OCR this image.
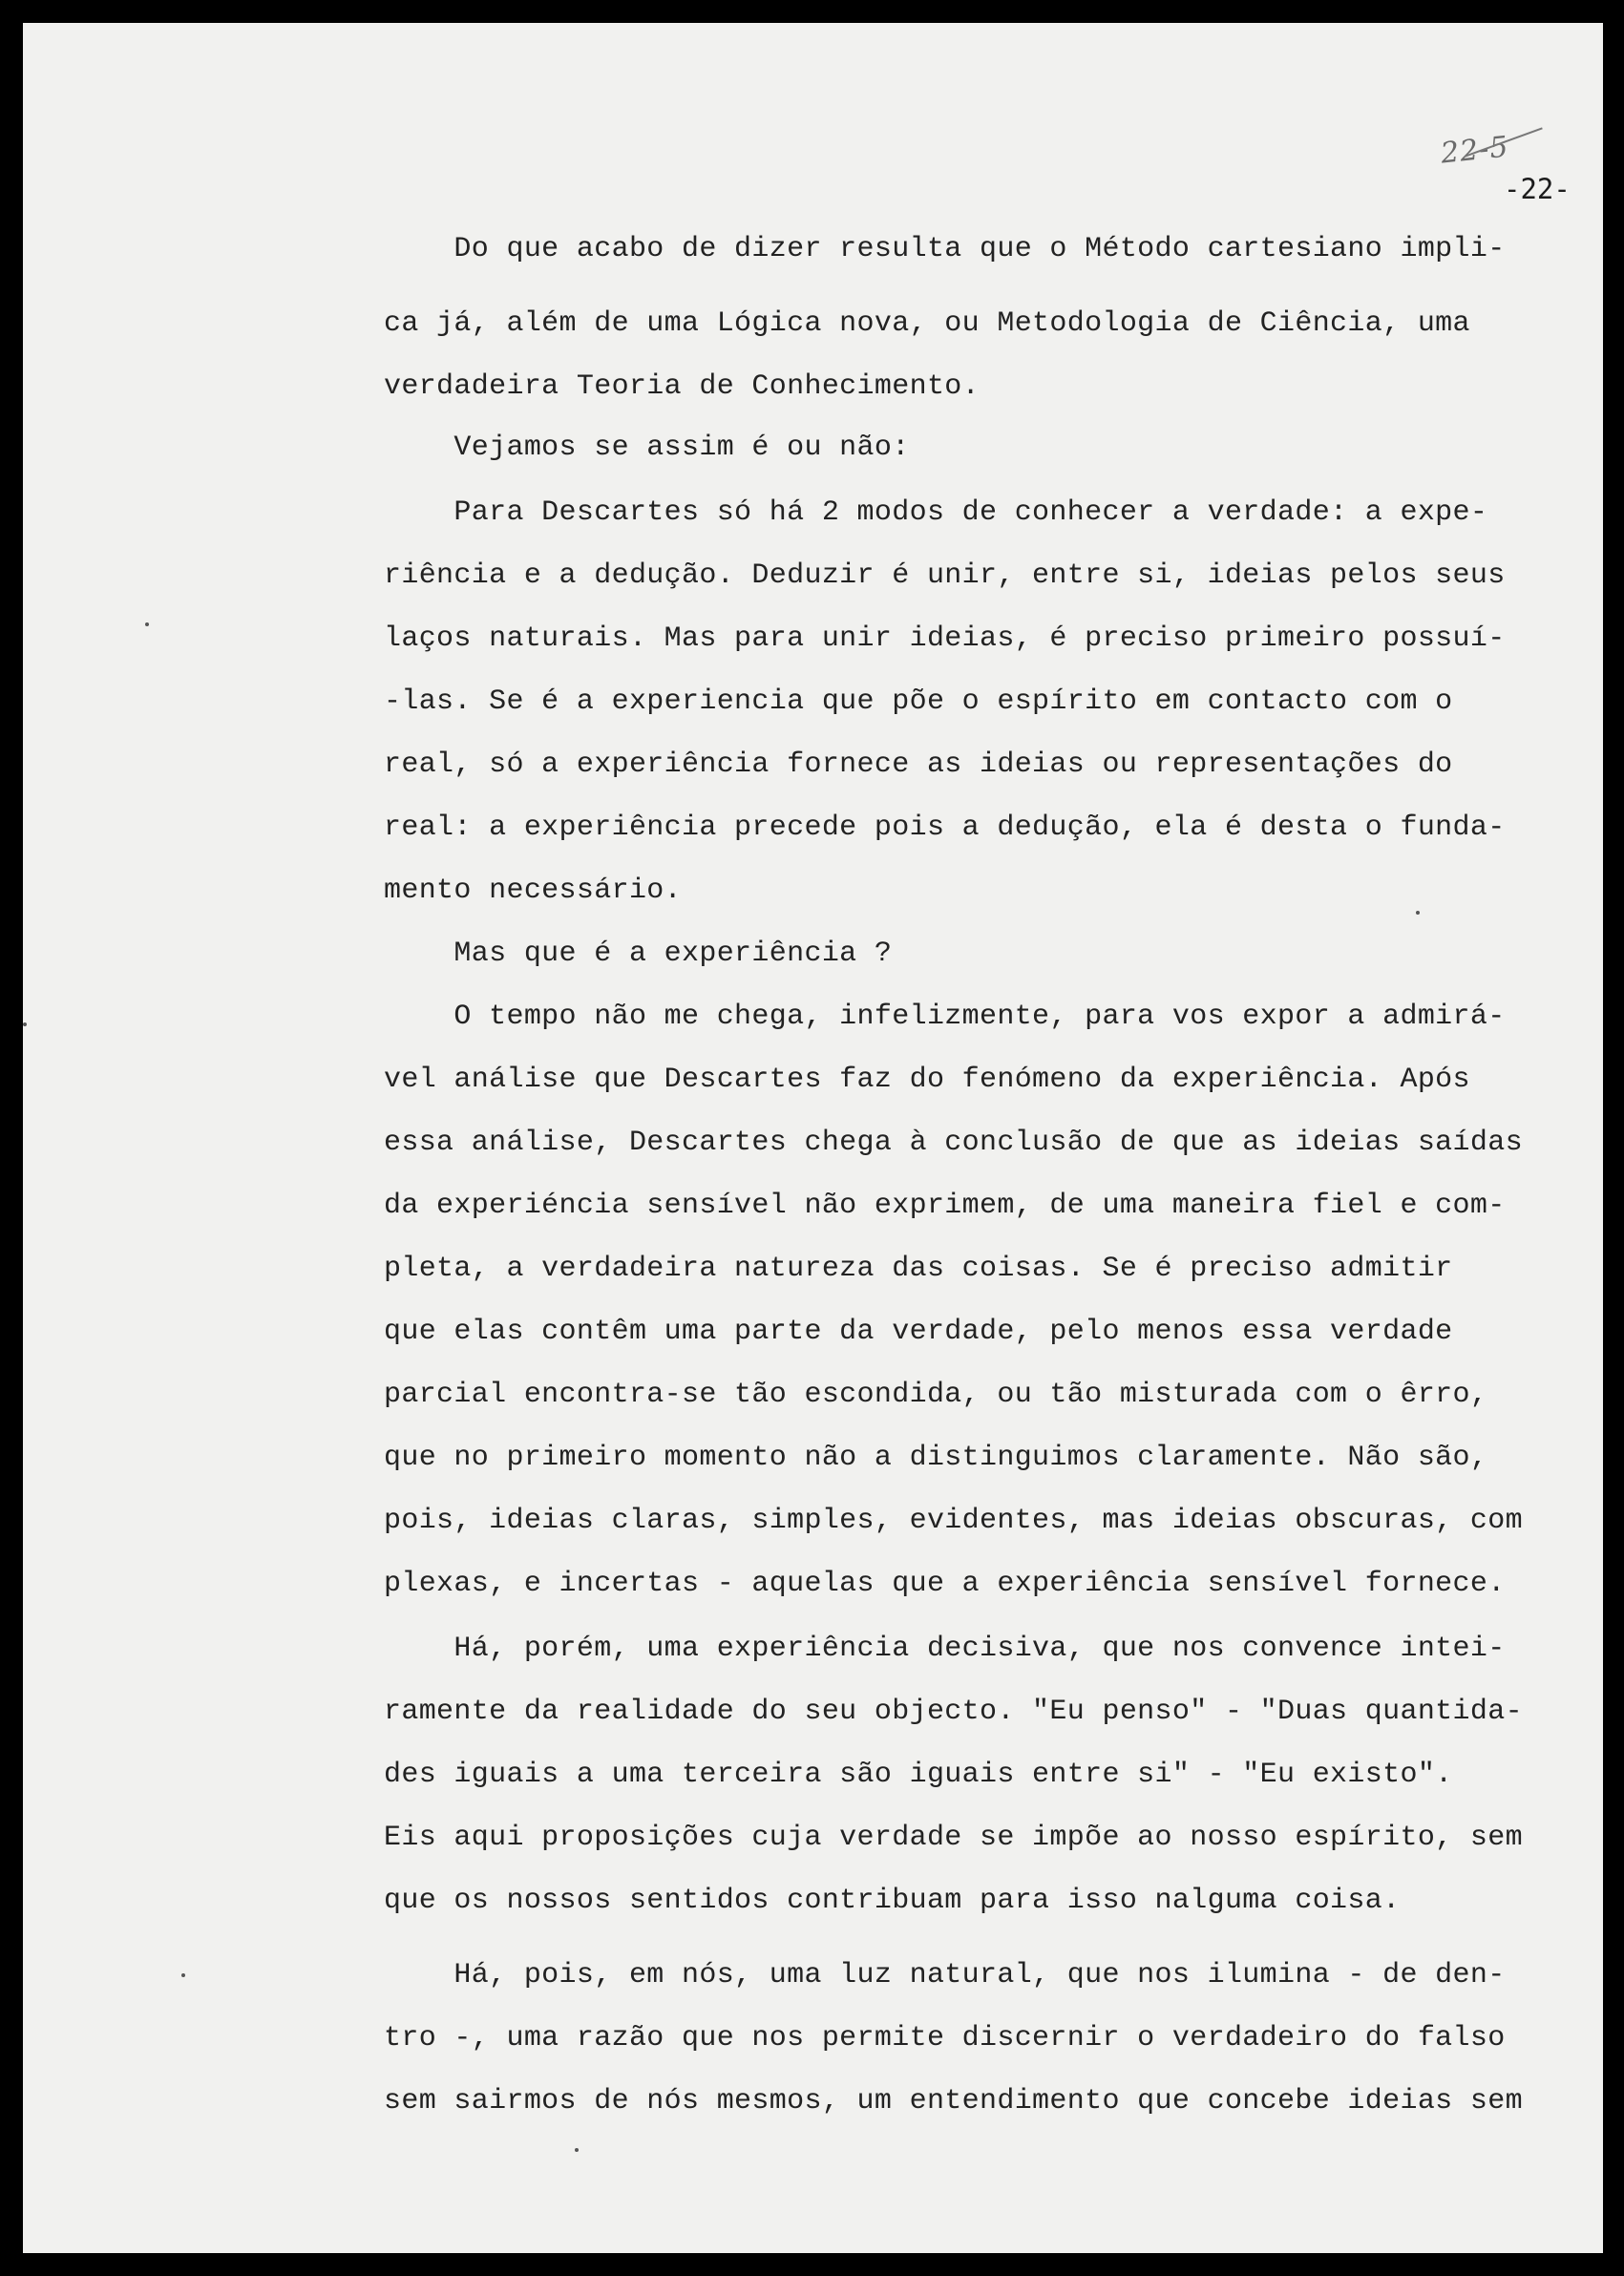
22-5
-22-
Do que acabo de dizer resulta que o Método cartesiano impli-
ca já, além de uma Lógica nova, ou Metodologia de Ciência, uma
verdadeira Teoria de Conhecimento.
Vejamos se assim é ou não:
Para Descartes só há 2 modos de conhecer a verdade: a expe-
riência e a dedução. Deduzir é unir, entre si, ideias pelos seus
laços naturais. Mas para unir ideias, é preciso primeiro possuí-
-las. Se é a experiencia que põe o espírito em contacto com o
real, só a experiência fornece as ideias ou representações do
real: a experiência precede pois a dedução, ela é desta o funda-
mento necessário.
Mas que é a experiência ?
O tempo não me chega, infelizmente, para vos expor a admirá-
vel análise que Descartes faz do fenómeno da experiência. Após
essa análise, Descartes chega à conclusão de que as ideias saídas
da experiéncia sensível não exprimem, de uma maneira fiel e com-
pleta, a verdadeira natureza das coisas. Se é preciso admitir
que elas contêm uma parte da verdade, pelo menos essa verdade
parcial encontra-se tão escondida, ou tão misturada com o êrro,
que no primeiro momento não a distinguimos claramente. Não são,
pois, ideias claras, simples, evidentes, mas ideias obscuras, com
plexas, e incertas - aquelas que a experiência sensível fornece.
Há, porém, uma experiência decisiva, que nos convence intei-
ramente da realidade do seu objecto. "Eu penso" - "Duas quantida-
des iguais a uma terceira são iguais entre si" - "Eu existo".
Eis aqui proposições cuja verdade se impõe ao nosso espírito, sem
que os nossos sentidos contribuam para isso nalguma coisa.
Há, pois, em nós, uma luz natural, que nos ilumina - de den-
tro -, uma razão que nos permite discernir o verdadeiro do falso
sem sairmos de nós mesmos, um entendimento que concebe ideias sem
